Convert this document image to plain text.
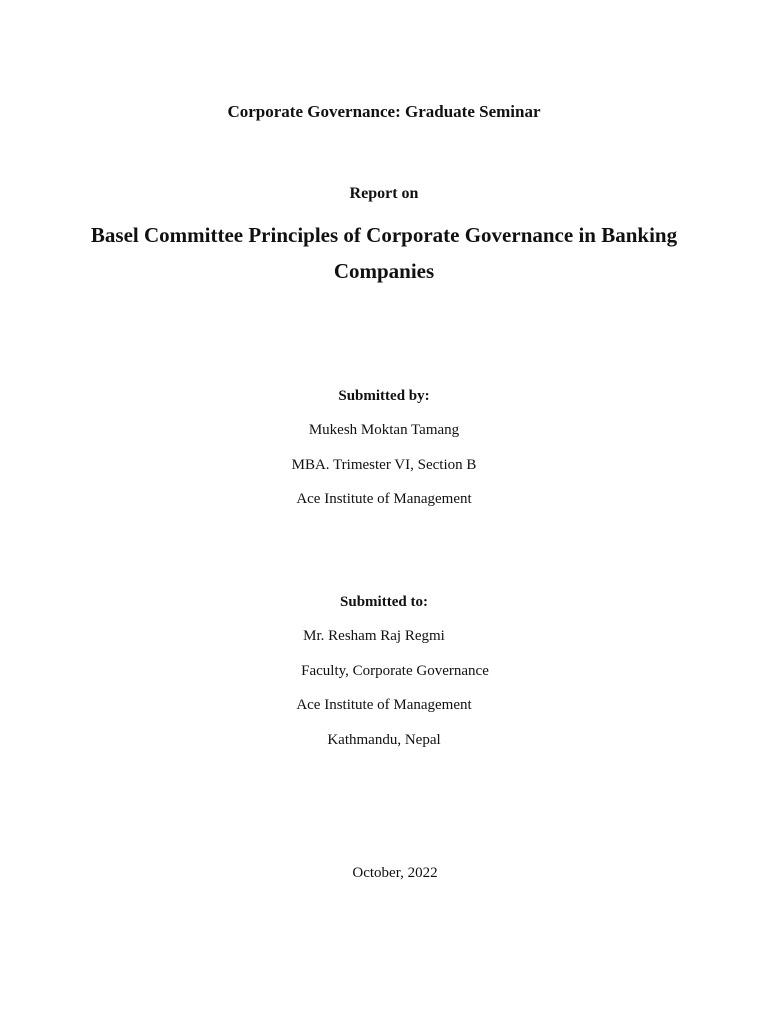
Corporate Governance: Graduate Seminar
Report on
Basel Committee Principles of Corporate Governance in Banking
Companies
Submitted by:
Mukesh Moktan Tamang
MBA. Trimester VI, Section B
Ace Institute of Management
Submitted to:
Mr. Resham Raj Regmi
Faculty, Corporate Governance
Ace Institute of Management
Kathmandu, Nepal
October, 2022
